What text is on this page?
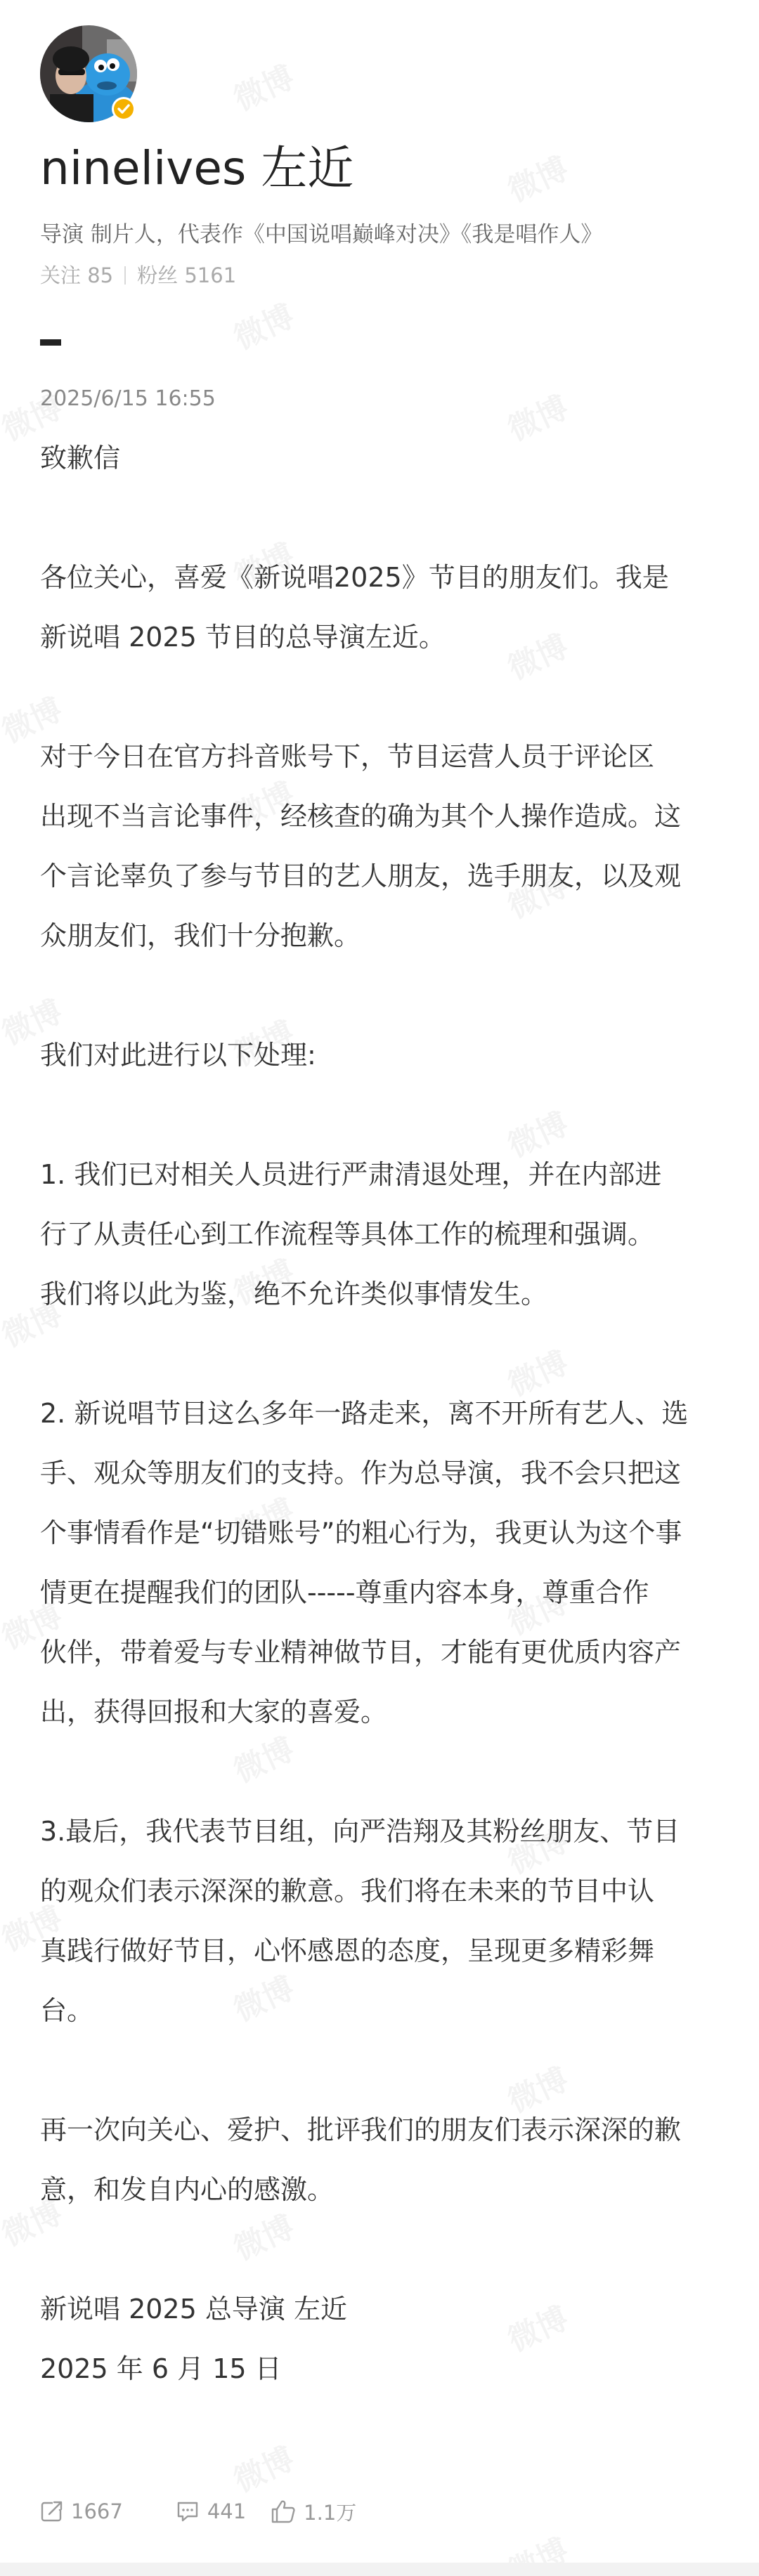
ninelives 左近
导演 制片人，代表作《中国说唱巅峰对决》《我是唱作人》
关注 85 粉丝 5161
2025/6/15 16:55
致歉信

各位关心，喜爱《新说唱2025》节目的朋友们。我是
新说唱 2025 节目的总导演左近。

对于今日在官方抖音账号下，节目运营人员于评论区
出现不当言论事件，经核查的确为其个人操作造成。这
个言论辜负了参与节目的艺人朋友，选手朋友，以及观
众朋友们，我们十分抱歉。

我们对此进行以下处理:

1. 我们已对相关人员进行严肃清退处理，并在内部进
行了从责任心到工作流程等具体工作的梳理和强调。
我们将以此为鉴，绝不允许类似事情发生。

2. 新说唱节目这么多年一路走来，离不开所有艺人、选
手、观众等朋友们的支持。作为总导演，我不会只把这
个事情看作是“切错账号”的粗心行为，我更认为这个事
情更在提醒我们的团队-----尊重内容本身，尊重合作
伙伴，带着爱与专业精神做节目，才能有更优质内容产
出，获得回报和大家的喜爱。

3.最后，我代表节目组，向严浩翔及其粉丝朋友、节目
的观众们表示深深的歉意。我们将在未来的节目中认
真践行做好节目，心怀感恩的态度，呈现更多精彩舞
台。

再一次向关心、爱护、批评我们的朋友们表示深深的歉
意，和发自内心的感激。

新说唱 2025 总导演 左近
2025 年 6 月 15 日
1667	441	1.1万
